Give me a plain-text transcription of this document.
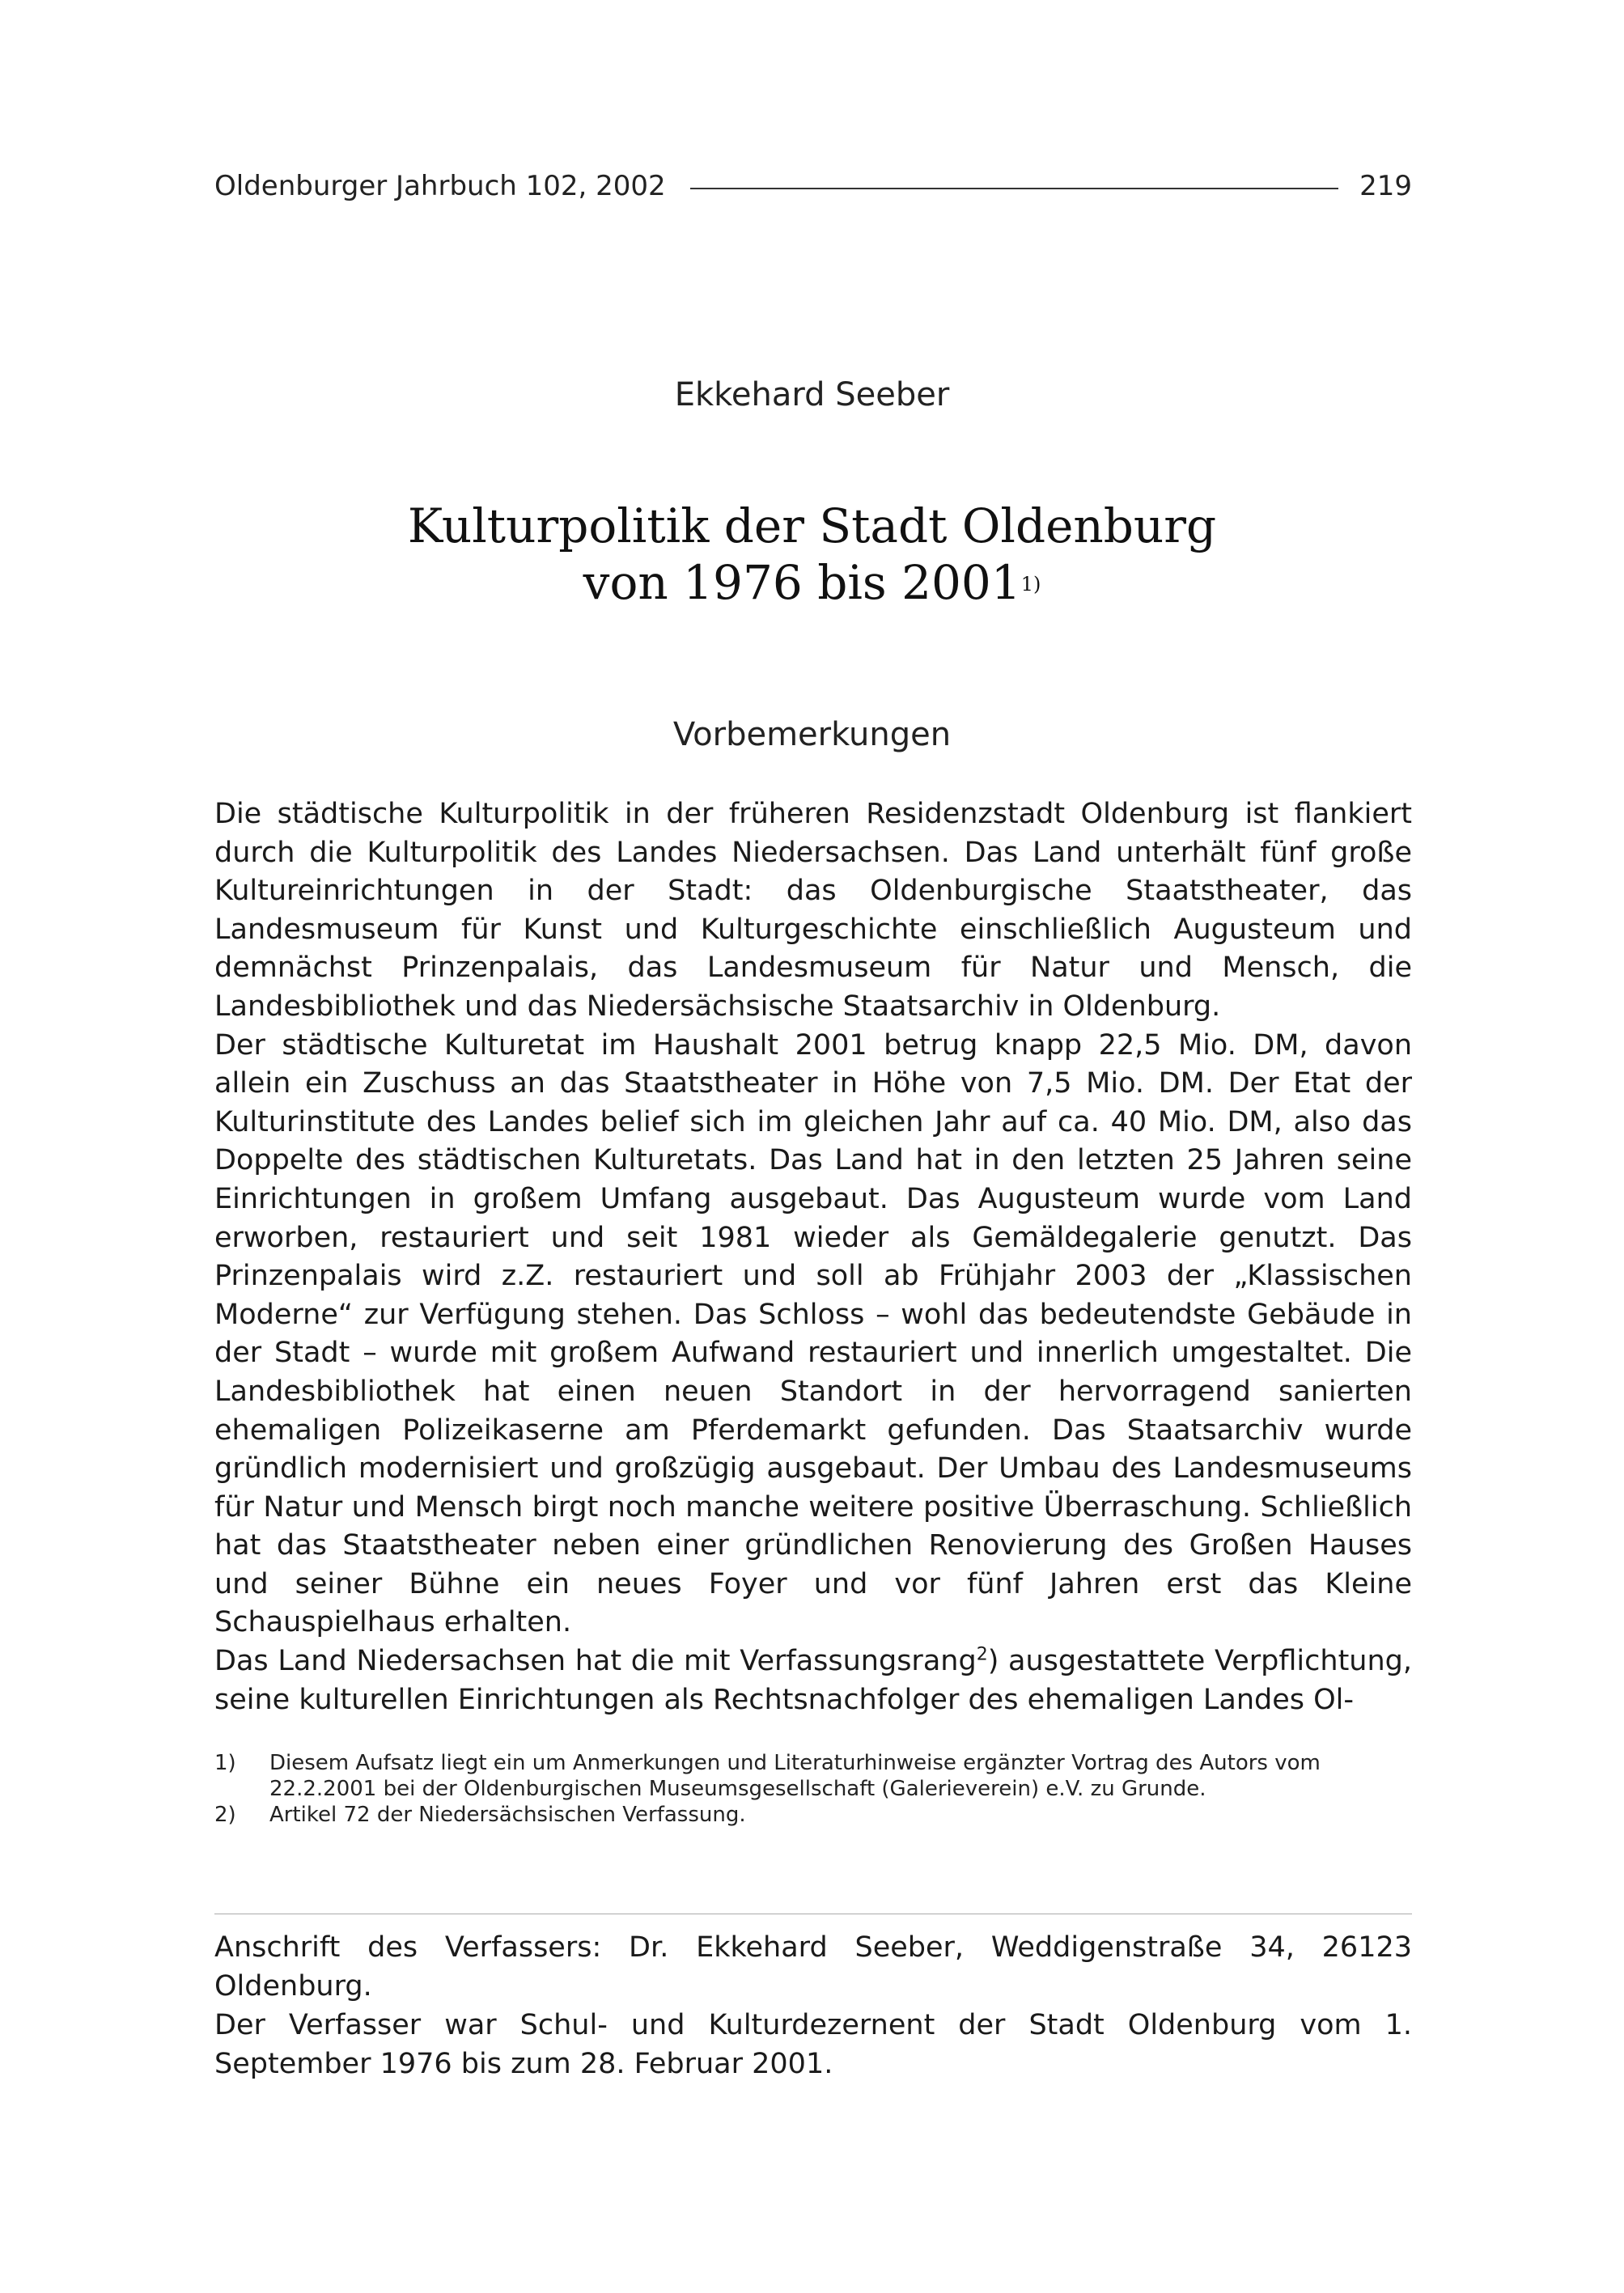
Oldenburger Jahrbuch 102, 2002	219
Ekkehard Seeber
Kulturpolitik der Stadt Oldenburg
von 1976 bis 2001$^{1)}$
Vorbemerkungen

Die städtische Kulturpolitik in der früheren Residenzstadt Oldenburg ist flankiert durch die Kulturpolitik des Landes Niedersachsen. Das Land unterhält fünf große Kultureinrichtungen in der Stadt: das Oldenburgische Staatstheater, das Landesmuseum für Kunst und Kulturgeschichte einschließlich Augusteum und demnächst Prinzenpalais, das Landesmuseum für Natur und Mensch, die Landesbibliothek und das Niedersächsische Staatsarchiv in Oldenburg.

Der städtische Kulturetat im Haushalt 2001 betrug knapp 22,5 Mio. DM, davon allein ein Zuschuss an das Staatstheater in Höhe von 7,5 Mio. DM. Der Etat der Kulturinstitute des Landes belief sich im gleichen Jahr auf ca. 40 Mio. DM, also das Doppelte des städtischen Kulturetats. Das Land hat in den letzten 25 Jahren seine Einrichtungen in großem Umfang ausgebaut. Das Augusteum wurde vom Land erworben, restauriert und seit 1981 wieder als Gemäldegalerie genutzt. Das Prinzenpalais wird z.Z. restauriert und soll ab Frühjahr 2003 der „Klassischen Moderne“ zur Verfügung stehen. Das Schloss – wohl das bedeutendste Gebäude in der Stadt – wurde mit großem Aufwand restauriert und innerlich umgestaltet. Die Landesbibliothek hat einen neuen Standort in der hervorragend sanierten ehemaligen Polizeikaserne am Pferdemarkt gefunden. Das Staatsarchiv wurde gründlich modernisiert und großzügig ausgebaut. Der Umbau des Landesmuseums für Natur und Mensch birgt noch manche weitere positive Überraschung. Schließlich hat das Staatstheater neben einer gründlichen Renovierung des Großen Hauses und seiner Bühne ein neues Foyer und vor fünf Jahren erst das Kleine Schauspielhaus erhalten.

Das Land Niedersachsen hat die mit Verfassungsrang$^2$) ausgestattete Verpflichtung, seine kulturellen Einrichtungen als Rechtsnachfolger des ehemaligen Landes Ol-

1)	Diesem Aufsatz liegt ein um Anmerkungen und Literaturhinweise ergänzter Vortrag des Autors vom 22.2.2001 bei der Oldenburgischen Museumsgesellschaft (Galerieverein) e.V. zu Grunde.
2)	Artikel 72 der Niedersächsischen Verfassung.

Anschrift des Verfassers: Dr. Ekkehard Seeber, Weddigenstraße 34, 26123 Oldenburg.

Der Verfasser war Schul- und Kulturdezernent der Stadt Oldenburg vom 1. September 1976 bis zum 28. Februar 2001.
